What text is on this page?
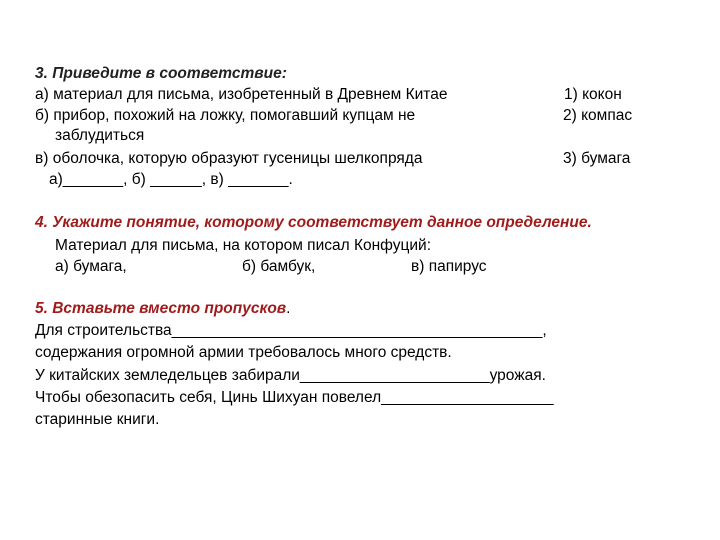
3. Приведите в соответствие:
а) материал для письма, изобретенный в Древнем Китае
б) прибор, похожий на ложку, помогавший купцам не
заблудиться
в) оболочка, которую образуют гусеницы шелкопряда
а)_______, б) ______, в) _______.
1) кокон
2) компас
3) бумага
4. Укажите понятие, которому соответствует данное определение.
Материал для письма, на котором писал Конфуций:
а) бумага,	б) бамбук,	в) папирус
5. Вставьте вместо пропусков.
Для строительства___________________________________________,
содержания огромной армии требовалось много средств.
У китайских земледельцев забирали______________________урожая.
Чтобы обезопасить себя, Цинь Шихуан повелел____________________
старинные книги.
